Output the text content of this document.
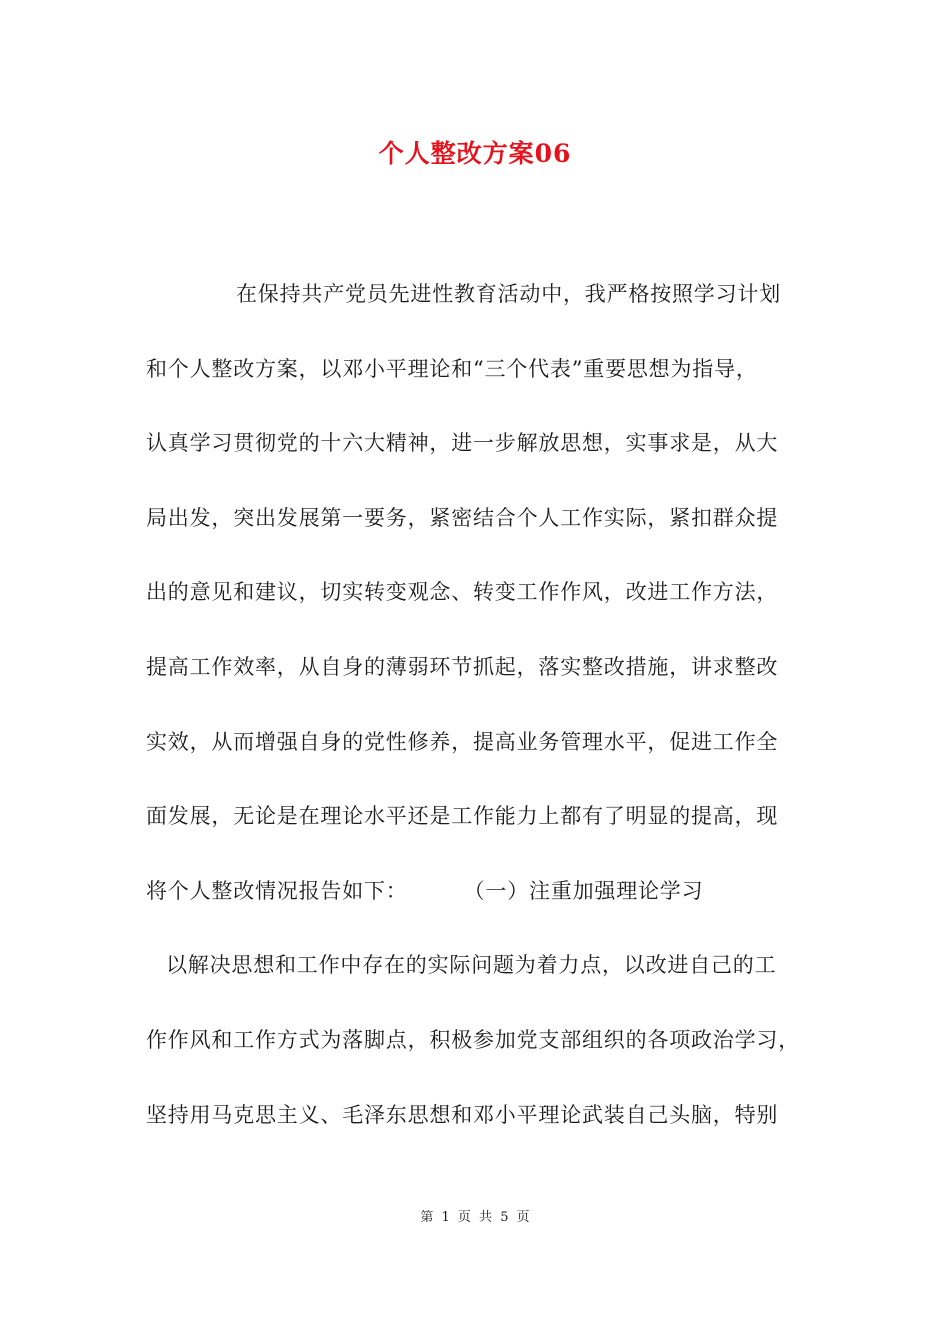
个人整改方案06
在保持共产党员先进性教育活动中，我严格按照学习计划
和个人整改方案，以邓小平理论和“三个代表”重要思想为指导，
认真学习贯彻党的十六大精神，进一步解放思想，实事求是，从大
局出发，突出发展第一要务，紧密结合个人工作实际，紧扣群众提
出的意见和建议，切实转变观念、转变工作作风，改进工作方法，
提高工作效率，从自身的薄弱环节抓起，落实整改措施，讲求整改
实效，从而增强自身的党性修养，提高业务管理水平，促进工作全
面发展，无论是在理论水平还是工作能力上都有了明显的提高，现
将个人整改情况报告如下：	（一）注重加强理论学习
以解决思想和工作中存在的实际问题为着力点，以改进自己的工
作作风和工作方式为落脚点，积极参加党支部组织的各项政治学习，
坚持用马克思主义、毛泽东思想和邓小平理论武装自己头脑，特别
第 1 页 共 5 页
